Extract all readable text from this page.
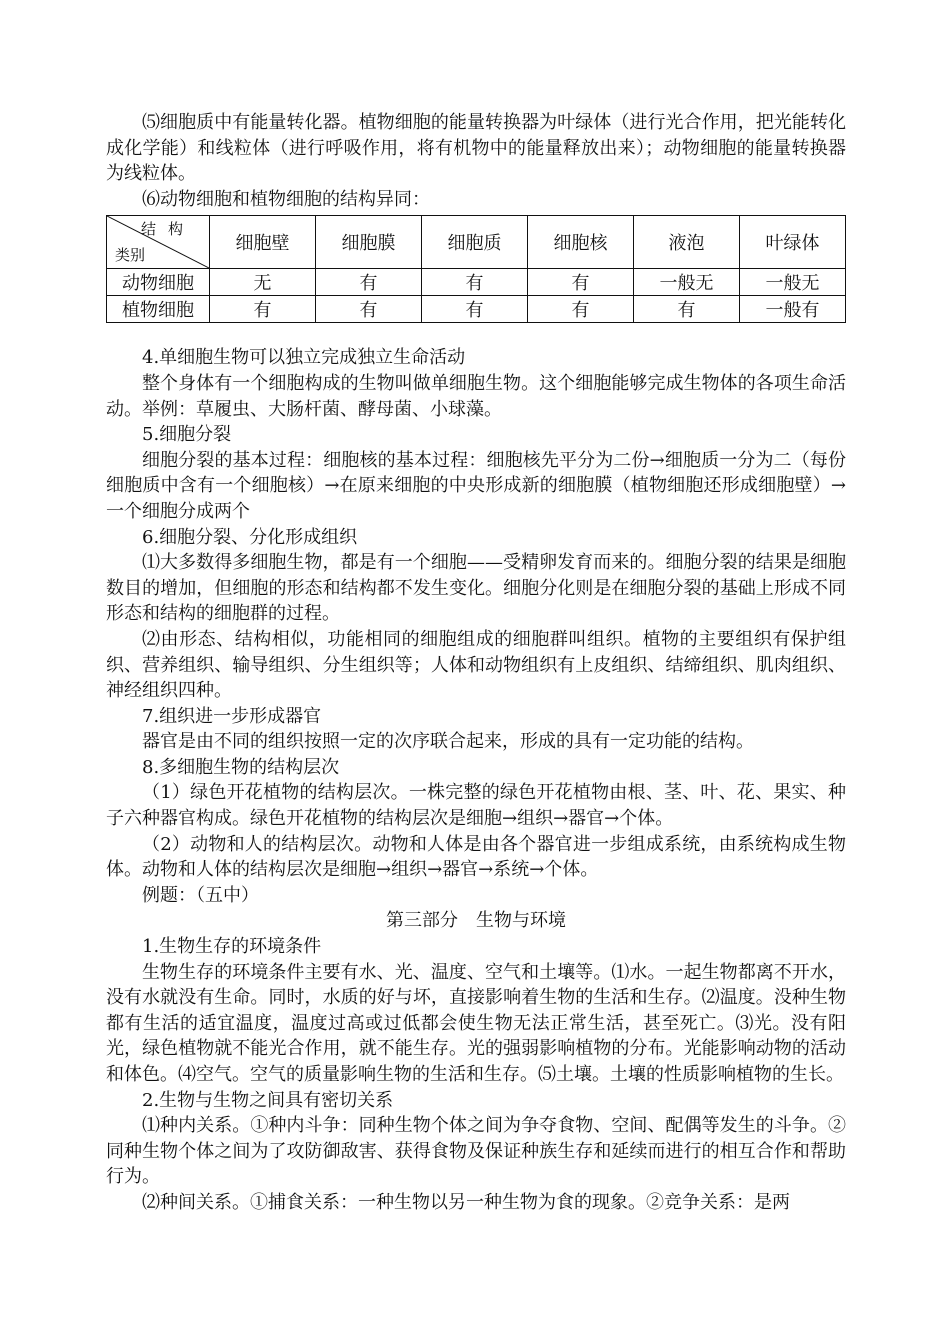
⑸细胞质中有能量转化器。植物细胞的能量转换器为叶绿体（进行光合作用，把光能转化成化学能）和线粒体（进行呼吸作用，将有机物中的能量释放出来）；动物细胞的能量转换器为线粒体。

⑹动物细胞和植物细胞的结构异同：

结构
类别	细胞壁	细胞膜	细胞质	细胞核	液泡	叶绿体
动物细胞	无	有	有	有	一般无	一般无
植物细胞	有	有	有	有	有	一般有

4.单细胞生物可以独立完成独立生命活动

整个身体有一个细胞构成的生物叫做单细胞生物。这个细胞能够完成生物体的各项生命活动。举例：草履虫、大肠杆菌、酵母菌、小球藻。

5.细胞分裂

细胞分裂的基本过程：细胞核的基本过程：细胞核先平分为二份→细胞质一分为二（每份细胞质中含有一个细胞核）→在原来细胞的中央形成新的细胞膜（植物细胞还形成细胞壁）→一个细胞分成两个

6.细胞分裂、分化形成组织

⑴大多数得多细胞生物，都是有一个细胞——受精卵发育而来的。细胞分裂的结果是细胞数目的增加，但细胞的形态和结构都不发生变化。细胞分化则是在细胞分裂的基础上形成不同形态和结构的细胞群的过程。

⑵由形态、结构相似，功能相同的细胞组成的细胞群叫组织。植物的主要组织有保护组织、营养组织、输导组织、分生组织等；人体和动物组织有上皮组织、结缔组织、肌肉组织、神经组织四种。

7.组织进一步形成器官

器官是由不同的组织按照一定的次序联合起来，形成的具有一定功能的结构。

8.多细胞生物的结构层次

（1）绿色开花植物的结构层次。一株完整的绿色开花植物由根、茎、叶、花、果实、种子六种器官构成。绿色开花植物的结构层次是细胞→组织→器官→个体。

（2）动物和人的结构层次。动物和人体是由各个器官进一步组成系统，由系统构成生物体。动物和人体的结构层次是细胞→组织→器官→系统→个体。

例题：（五中）

第三部分　生物与环境

1.生物生存的环境条件

生物生存的环境条件主要有水、光、温度、空气和土壤等。⑴水。一起生物都离不开水，没有水就没有生命。同时，水质的好与坏，直接影响着生物的生活和生存。⑵温度。没种生物都有生活的适宜温度，温度过高或过低都会使生物无法正常生活，甚至死亡。⑶光。没有阳光，绿色植物就不能光合作用，就不能生存。光的强弱影响植物的分布。光能影响动物的活动和体色。⑷空气。空气的质量影响生物的生活和生存。⑸土壤。土壤的性质影响植物的生长。

2.生物与生物之间具有密切关系

⑴种内关系。①种内斗争：同种生物个体之间为争夺食物、空间、配偶等发生的斗争。②同种生物个体之间为了攻防御敌害、获得食物及保证种族生存和延续而进行的相互合作和帮助行为。

⑵种间关系。①捕食关系：一种生物以另一种生物为食的现象。②竞争关系：是两
